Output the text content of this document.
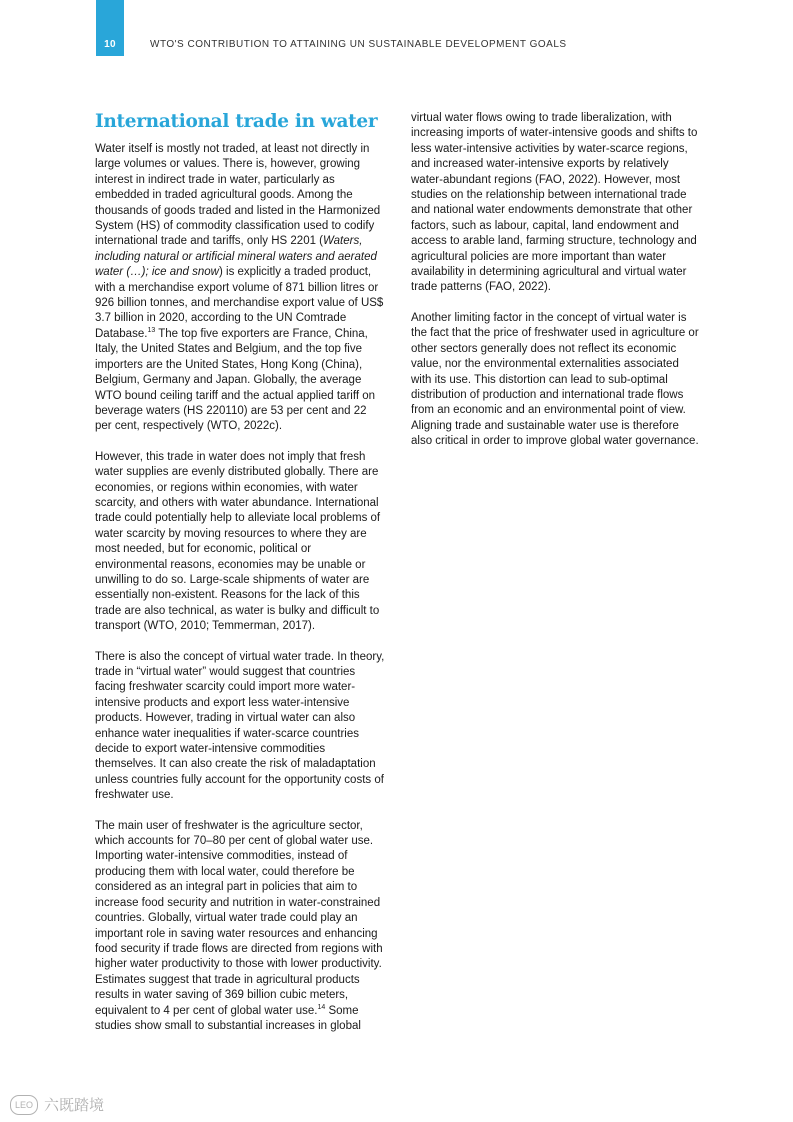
10	WTO'S CONTRIBUTION TO ATTAINING UN SUSTAINABLE DEVELOPMENT GOALS
International trade in water

Water itself is mostly not traded, at least not directly in large volumes or values. There is, however, growing interest in indirect trade in water, particularly as embedded in traded agricultural goods. Among the thousands of goods traded and listed in the Harmonized System (HS) of commodity classification used to codify international trade and tariffs, only HS 2201 (Waters, including natural or artificial mineral waters and aerated water (…); ice and snow) is explicitly a traded product, with a merchandise export volume of 871 billion litres or 926 billion tonnes, and merchandise export value of US$ 3.7 billion in 2020, according to the UN Comtrade Database.$^{13}$ The top five exporters are France, China, Italy, the United States and Belgium, and the top five importers are the United States, Hong Kong (China), Belgium, Germany and Japan. Globally, the average WTO bound ceiling tariff and the actual applied tariff on beverage waters (HS 220110) are 53 per cent and 22 per cent, respectively (WTO, 2022c).

However, this trade in water does not imply that fresh water supplies are evenly distributed globally. There are economies, or regions within economies, with water scarcity, and others with water abundance. International trade could potentially help to alleviate local problems of water scarcity by moving resources to where they are most needed, but for economic, political or environmental reasons, economies may be unable or unwilling to do so. Large-scale shipments of water are essentially non-existent. Reasons for the lack of this trade are also technical, as water is bulky and difficult to transport (WTO, 2010; Temmerman, 2017).

There is also the concept of virtual water trade. In theory, trade in “virtual water” would suggest that countries facing freshwater scarcity could import more water-intensive products and export less water-intensive products. However, trading in virtual water can also enhance water inequalities if water-scarce countries decide to export water-intensive commodities themselves. It can also create the risk of maladaptation unless countries fully account for the opportunity costs of freshwater use.

The main user of freshwater is the agriculture sector, which accounts for 70–80 per cent of global water use. Importing water-intensive commodities, instead of producing them with local water, could therefore be considered as an integral part in policies that aim to increase food security and nutrition in water-constrained countries. Globally, virtual water trade could play an important role in saving water resources and enhancing food security if trade flows are directed from regions with higher water productivity to those with lower productivity. Estimates suggest that trade in agricultural products results in water saving of 369 billion cubic meters, equivalent to 4 per cent of global water use.$^{14}$ Some studies show small to substantial increases in global

virtual water flows owing to trade liberalization, with increasing imports of water-intensive goods and shifts to less water-intensive activities by water-scarce regions, and increased water-intensive exports by relatively water-abundant regions (FAO, 2022). However, most studies on the relationship between international trade and national water endowments demonstrate that other factors, such as labour, capital, land endowment and access to arable land, farming structure, technology and agricultural policies are more important than water availability in determining agricultural and virtual water trade patterns (FAO, 2022).

Another limiting factor in the concept of virtual water is the fact that the price of freshwater used in agriculture or other sectors generally does not reflect its economic value, nor the environmental externalities associated with its use. This distortion can lead to sub-optimal distribution of production and international trade flows from an economic and an environmental point of view. Aligning trade and sustainable water use is therefore also critical in order to improve global water governance.

LEO 六既踏境
